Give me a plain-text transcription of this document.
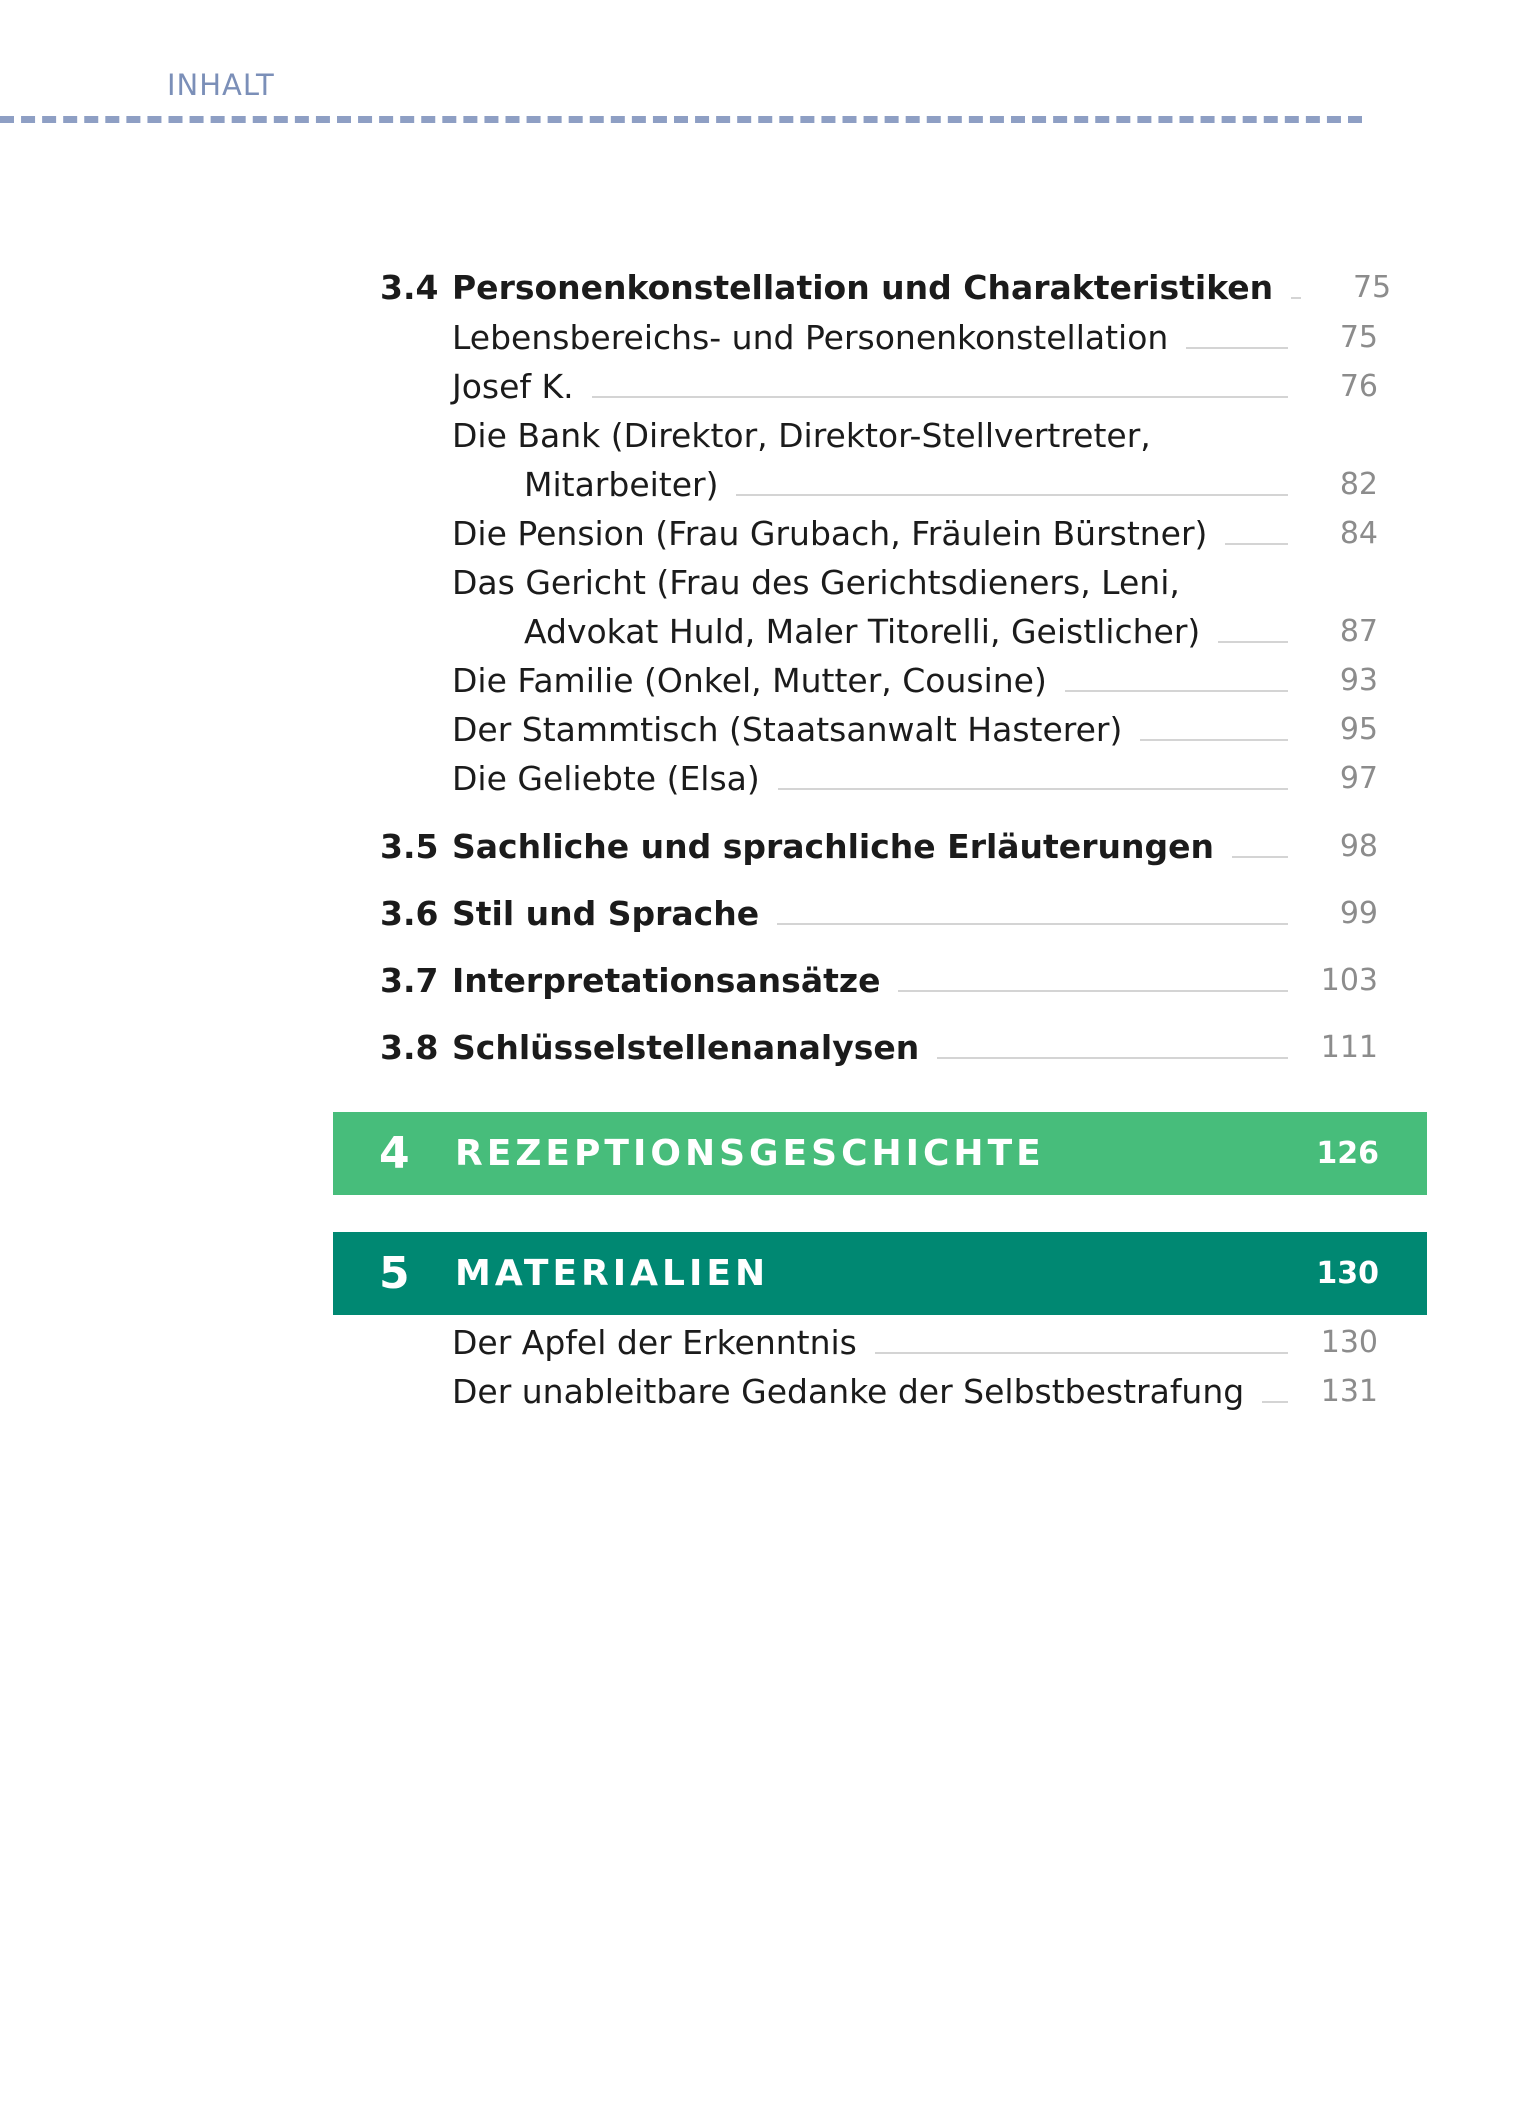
INHALT
3.4 Personenkonstellation und Charakteristiken	75
Lebensbereichs- und Personenkonstellation	75
Josef K.	76
Die Bank (Direktor, Direktor-Stellvertreter,
Mitarbeiter)	82
Die Pension (Frau Grubach, Fräulein Bürstner)	84
Das Gericht (Frau des Gerichtsdieners, Leni,
Advokat Huld, Maler Titorelli, Geistlicher)	87
Die Familie (Onkel, Mutter, Cousine)	93
Der Stammtisch (Staatsanwalt Hasterer)	95
Die Geliebte (Elsa)	97
3.5 Sachliche und sprachliche Erläuterungen	98
3.6 Stil und Sprache	99
3.7 Interpretationsansätze	103
3.8 Schlüsselstellenanalysen	111
4	REZEPTIONSGESCHICHTE	126
5	MATERIALIEN	130
Der Apfel der Erkenntnis	130
Der unableitbare Gedanke der Selbstbestrafung	131
